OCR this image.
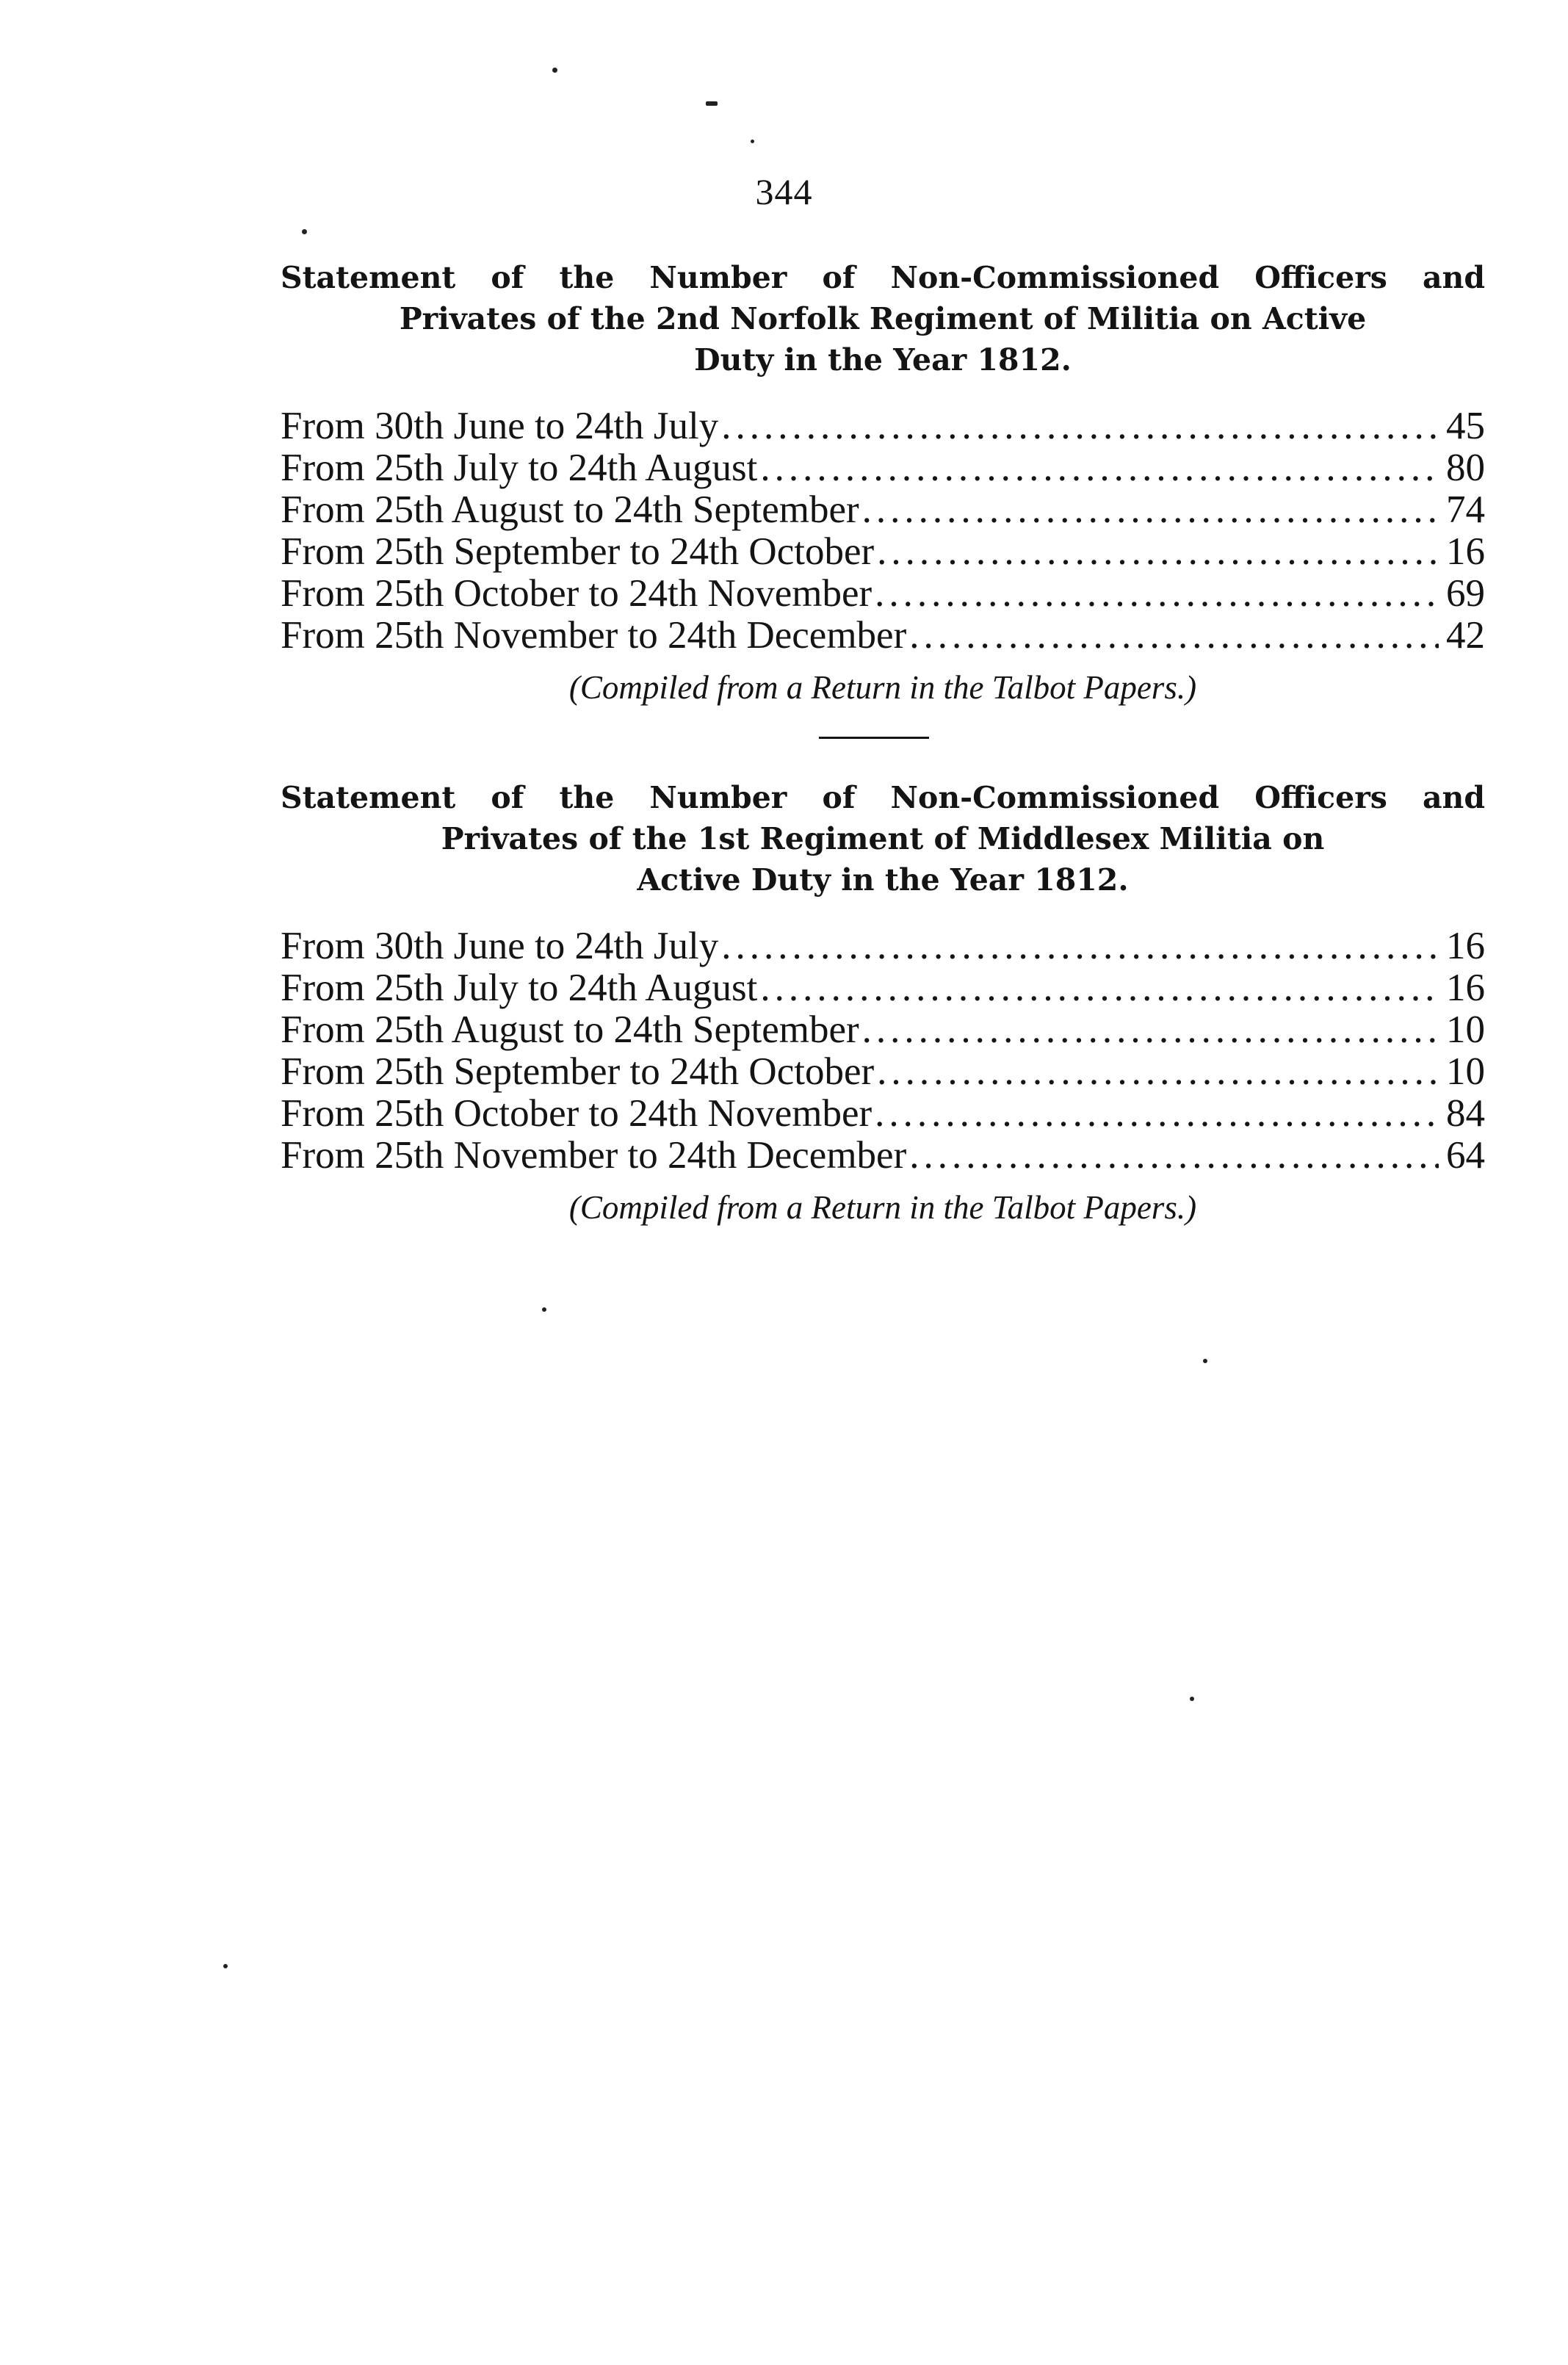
344
Statement of the Number of Non-Commissioned Officers and
Privates of the 2nd Norfolk Regiment of Militia on Active
Duty in the Year 1812.
From 30th June to 24th July .....	45
From 25th July to 24th August .....	80
From 25th August to 24th September .....	74
From 25th September to 24th October .....	16
From 25th October to 24th November .....	69
From 25th November to 24th December .....	42
(Compiled from a Return in the Talbot Papers.)
Statement of the Number of Non-Commissioned Officers and
Privates of the 1st Regiment of Middlesex Militia on
Active Duty in the Year 1812.
From 30th June to 24th July .....	16
From 25th July to 24th August .....	16
From 25th August to 24th September .....	10
From 25th September to 24th October .....	10
From 25th October to 24th November .....	84
From 25th November to 24th December .....	64
(Compiled from a Return in the Talbot Papers.)
